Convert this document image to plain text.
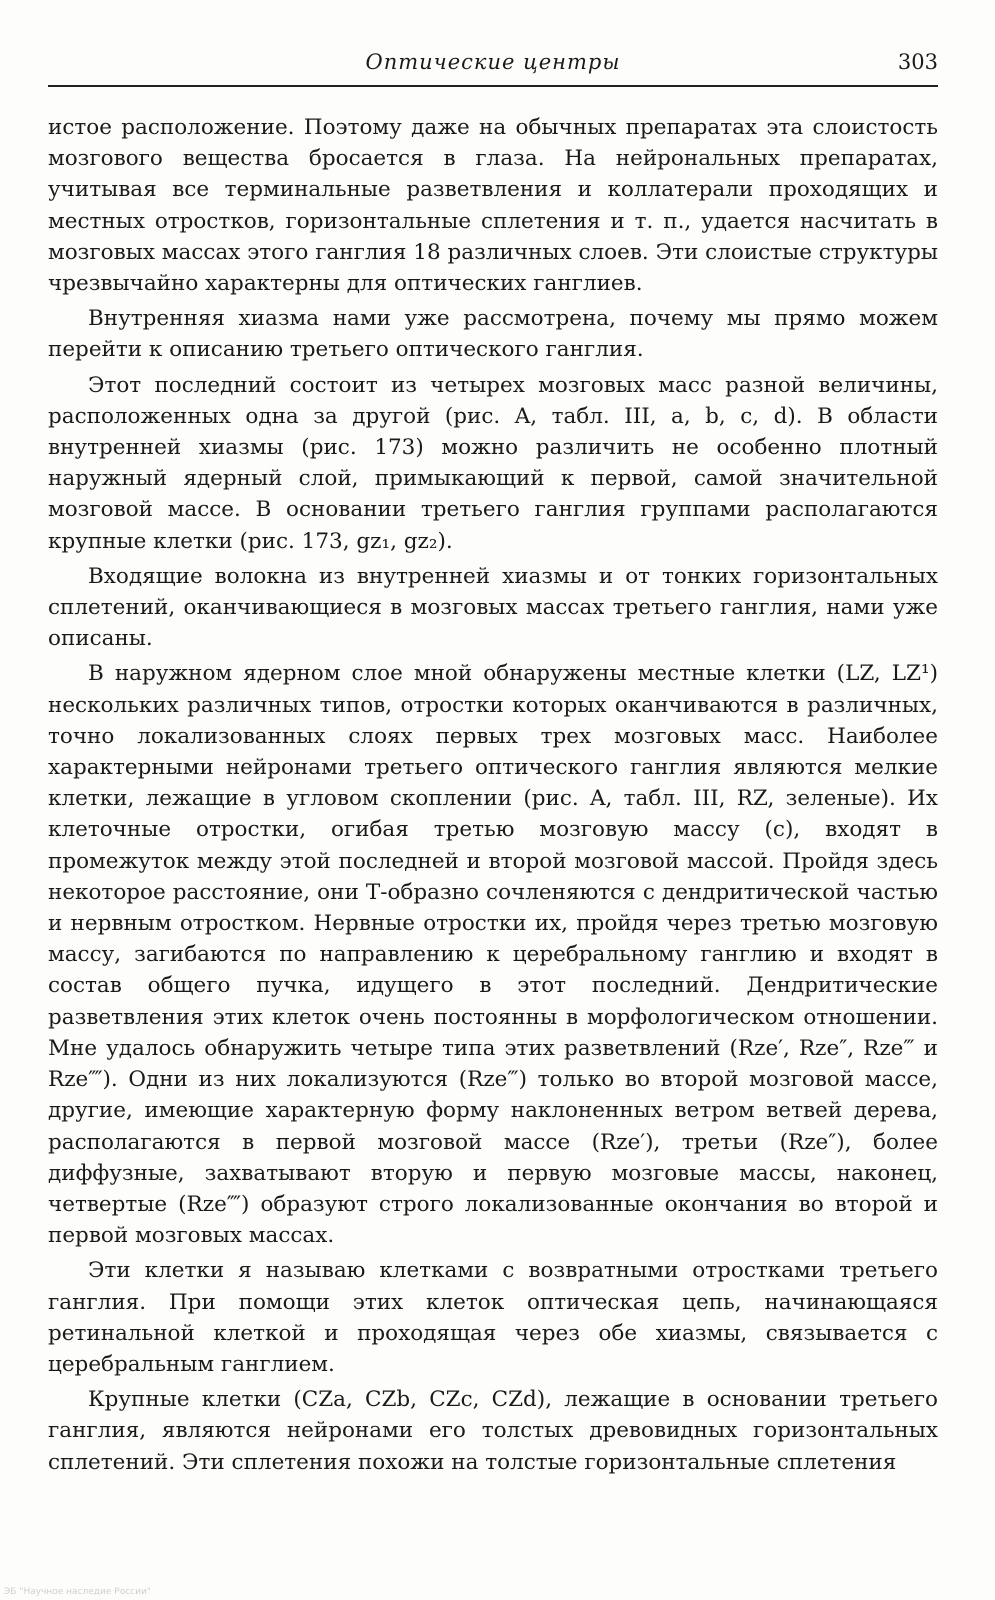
Оптические центры	303

истое расположение. Поэтому даже на обычных препаратах эта слоистость мозгового вещества бросается в глаза. На нейрональных препаратах, учитывая все терминальные разветвления и коллатерали проходящих и местных отростков, горизонтальные сплетения и т. п., удается насчитать в мозговых массах этого ганглия 18 различных слоев. Эти слоистые структуры чрезвычайно характерны для оптических ганглиев.

Внутренняя хиазма нами уже рассмотрена, почему мы прямо можем перейти к описанию третьего оптического ганглия.

Этот последний состоит из четырех мозговых масс разной величины, расположенных одна за другой (рис. A, табл. III, a, b, c, d). В области внутренней хиазмы (рис. 173) можно различить не особенно плотный наружный ядерный слой, примыкающий к первой, самой значительной мозговой массе. В основании третьего ганглия группами располагаются крупные клетки (рис. 173, gz₁, gz₂).

Входящие волокна из внутренней хиазмы и от тонких горизонтальных сплетений, оканчивающиеся в мозговых массах третьего ганглия, нами уже описаны.

В наружном ядерном слое мной обнаружены местные клетки (LZ, LZ¹) нескольких различных типов, отростки которых оканчиваются в различных, точно локализованных слоях первых трех мозговых масс. Наиболее характерными нейронами третьего оптического ганглия являются мелкие клетки, лежащие в угловом скоплении (рис. A, табл. III, RZ, зеленые). Их клеточные отростки, огибая третью мозговую массу (c), входят в промежуток между этой последней и второй мозговой массой. Пройдя здесь некоторое расстояние, они Т-образно сочленяются с дендритической частью и нервным отростком. Нервные отростки их, пройдя через третью мозговую массу, загибаются по направлению к церебральному ганглию и входят в состав общего пучка, идущего в этот последний. Дендритические разветвления этих клеток очень постоянны в морфологическом отношении. Мне удалось обнаружить четыре типа этих разветвлений (Rze′, Rze″, Rze‴ и Rze⁗). Одни из них локализуются (Rze‴) только во второй мозговой массе, другие, имеющие характерную форму наклоненных ветром ветвей дерева, располагаются в первой мозговой массе (Rze′), третьи (Rze″), более диффузные, захватывают вторую и первую мозговые массы, наконец, четвертые (Rze⁗) образуют строго локализованные окончания во второй и первой мозговых массах.

Эти клетки я называю клетками с возвратными отростками третьего ганглия. При помощи этих клеток оптическая цепь, начинающаяся ретинальной клеткой и проходящая через обе хиазмы, связывается с церебральным ганглием.

Крупные клетки (CZa, CZb, CZc, CZd), лежащие в основании третьего ганглия, являются нейронами его толстых древовидных горизонтальных сплетений. Эти сплетения похожи на толстые горизонтальные сплетения

ЭБ "Научное наследие России"
